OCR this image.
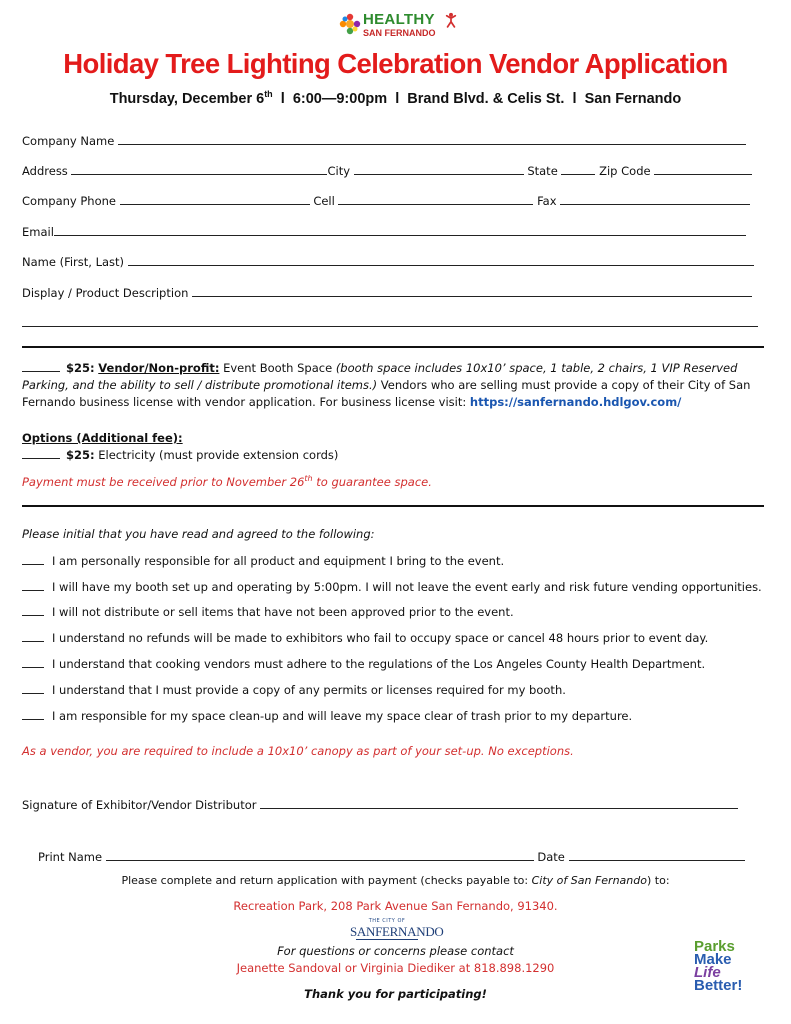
HEALTHY
SAN FERNANDO
Holiday Tree Lighting Celebration Vendor Application
Thursday, December 6th l 6:00—9:00pm l Brand Blvd. & Celis St. l San Fernando
Company Name
Address	City	State	Zip Code
Company Phone	Cell	Fax
Email
Name (First, Last)
Display / Product Description
$25: Vendor/Non-profit: Event Booth Space (booth space includes 10x10’ space, 1 table, 2 chairs, 1 VIP Reserved Parking, and the ability to sell / distribute promotional items.) Vendors who are selling must provide a copy of their City of San Fernando business license with vendor application. For business license visit: https://sanfernando.hdlgov.com/
Options (Additional fee):
$25: Electricity (must provide extension cords)
Payment must be received prior to November 26th to guarantee space.
Please initial that you have read and agreed to the following:
I am personally responsible for all product and equipment I bring to the event.
I will have my booth set up and operating by 5:00pm. I will not leave the event early and risk future vending opportunities.
I will not distribute or sell items that have not been approved prior to the event.
I understand no refunds will be made to exhibitors who fail to occupy space or cancel 48 hours prior to event day.
I understand that cooking vendors must adhere to the regulations of the Los Angeles County Health Department.
I understand that I must provide a copy of any permits or licenses required for my booth.
I am responsible for my space clean-up and will leave my space clear of trash prior to my departure.
As a vendor, you are required to include a 10x10’ canopy as part of your set-up. No exceptions.
Signature of Exhibitor/Vendor Distributor
Print Name	Date
Please complete and return application with payment (checks payable to: City of San Fernando) to:
Recreation Park, 208 Park Avenue San Fernando, 91340.
THE CITY OF
SANFERNANDO
For questions or concerns please contact
Jeanette Sandoval or Virginia Diediker at 818.898.1290
Thank you for participating!
Parks
Make
Life
Better!
